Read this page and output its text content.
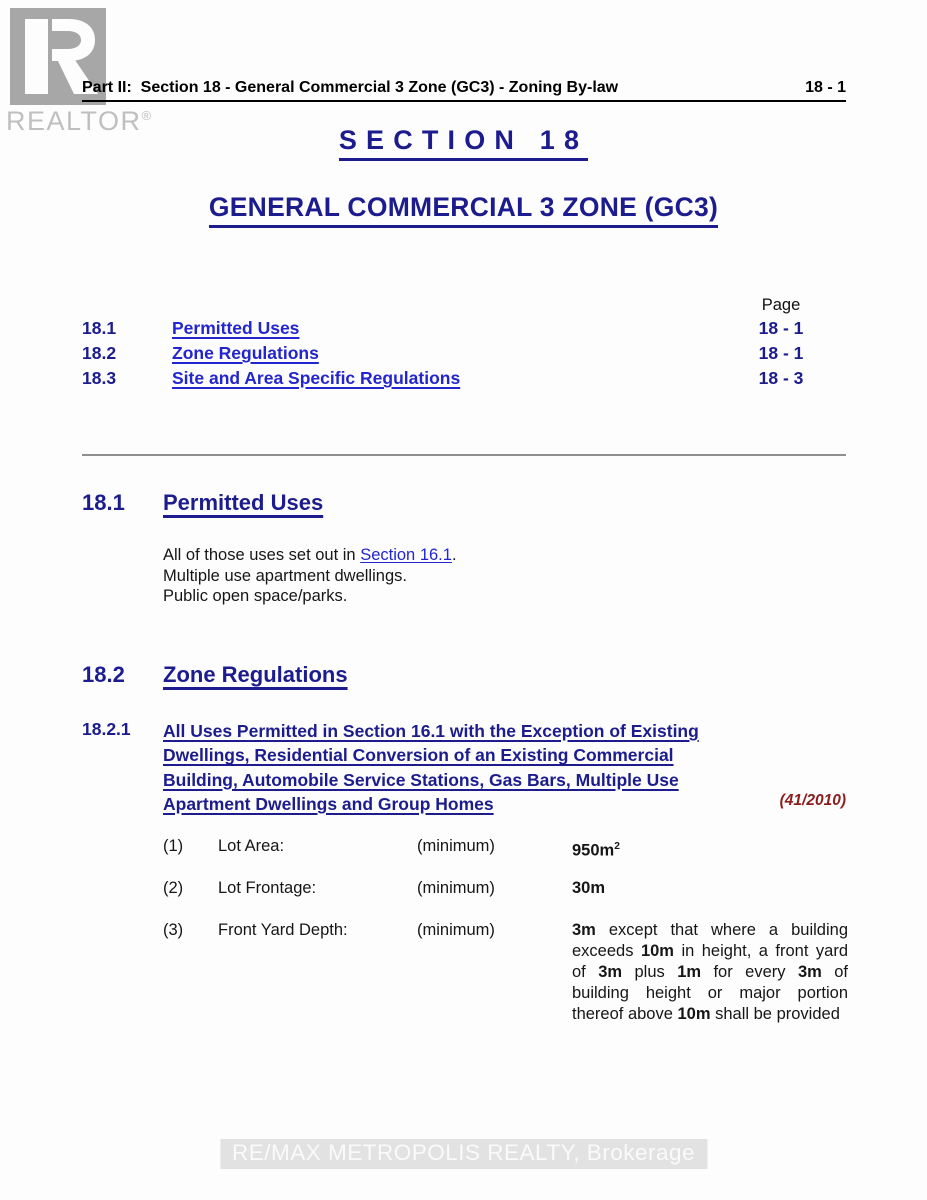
REALTOR®
Part II:  Section 18 - General Commercial 3 Zone (GC3) - Zoning By-law	18 - 1
SECTION 18
GENERAL COMMERCIAL 3 ZONE (GC3)
Page
18.1	Permitted Uses	18 - 1
18.2	Zone Regulations	18 - 1
18.3	Site and Area Specific Regulations	18 - 3
18.1 Permitted Uses
All of those uses set out in Section 16.1.
Multiple use apartment dwellings.
Public open space/parks.
18.2 Zone Regulations
18.2.1 All Uses Permitted in Section 16.1 with the Exception of Existing
Dwellings, Residential Conversion of an Existing Commercial
Building, Automobile Service Stations, Gas Bars, Multiple Use
Apartment Dwellings and Group Homes	(41/2010)
(1) Lot Area:	(minimum)	$950m^2$
(2) Lot Frontage:	(minimum)	30m
(3) Front Yard Depth:	(minimum)	3m except that where a building exceeds 10m in height, a front yard of 3m plus 1m for every 3m of building height or major portion thereof above 10m shall be provided
RE/MAX METROPOLIS REALTY, Brokerage
